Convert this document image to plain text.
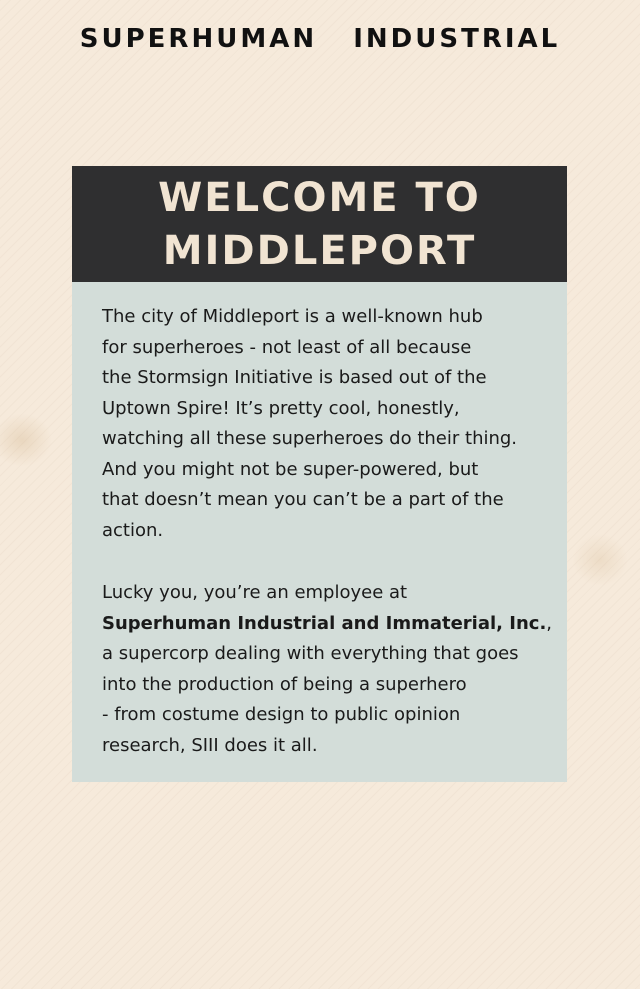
SUPERHUMAN   INDUSTRIAL
WELCOME TO
MIDDLEPORT

The city of Middleport is a well-known hub
for superheroes - not least of all because
the Stormsign Initiative is based out of the
Uptown Spire! It’s pretty cool, honestly,
watching all these superheroes do their thing.
And you might not be super-powered, but
that doesn’t mean you can’t be a part of the
action.

Lucky you, you’re an employee at
Superhuman Industrial and Immaterial, Inc.,
a supercorp dealing with everything that goes
into the production of being a superhero
- from costume design to public opinion
research, SIII does it all.
